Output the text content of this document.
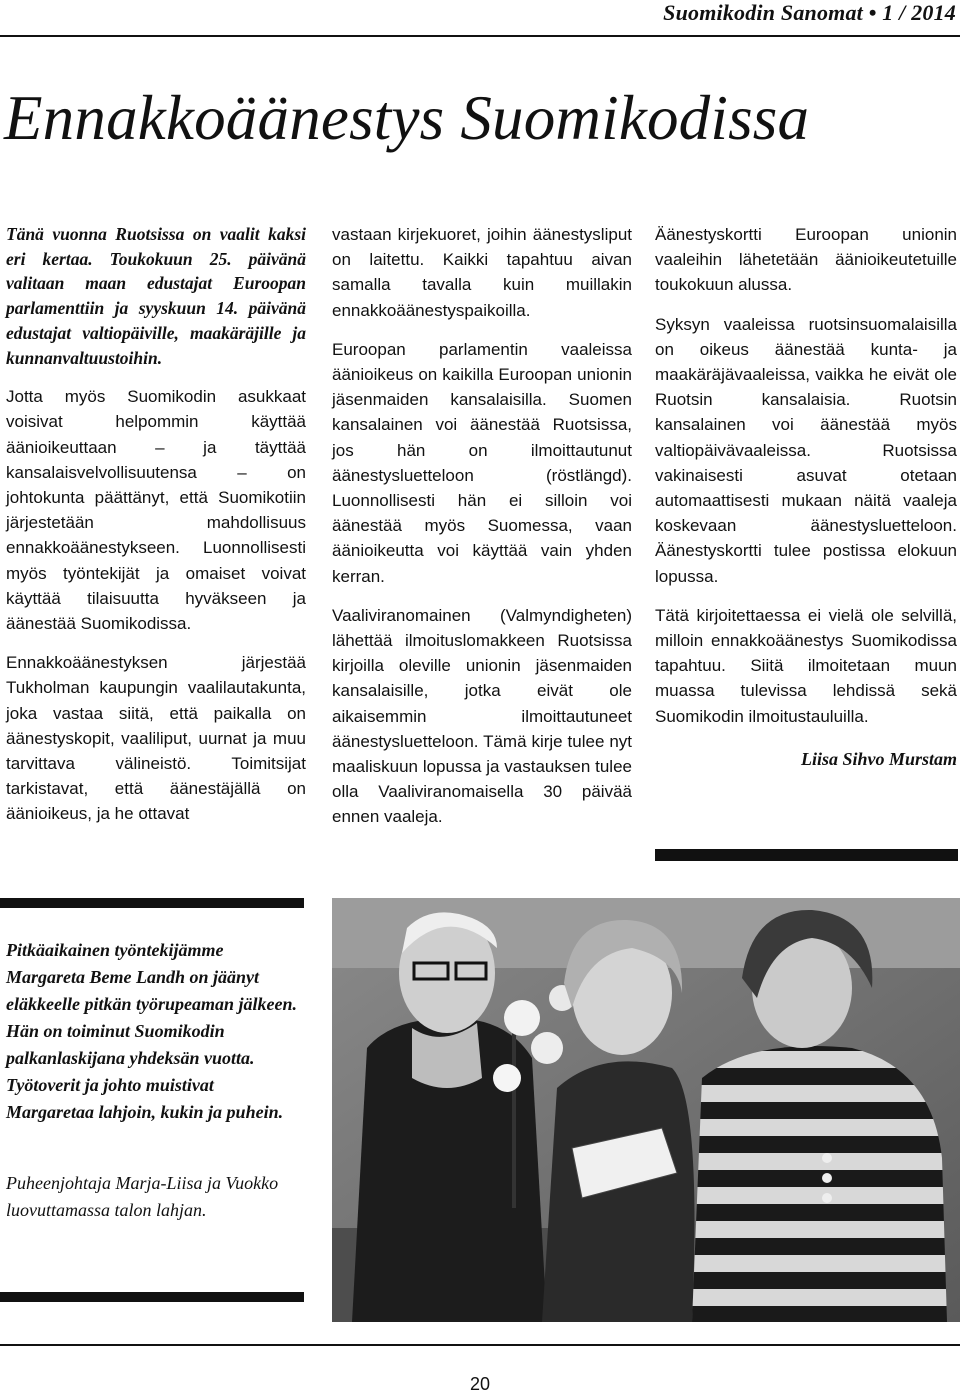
Suomikodin Sanomat • 1 / 2014
Ennakkoäänestys Suomikodissa

Tänä vuonna Ruotsissa on vaalit kaksi eri kertaa. Toukokuun 25. päivänä valitaan maan edustajat Euroopan parlamenttiin ja syyskuun 14. päivänä edustajat valtiopäiville, maakäräjille ja kunnanvaltuustoihin.

Jotta myös Suomikodin asukkaat voisivat helpommin käyttää äänioikeuttaan – ja täyttää kansalaisvelvollisuutensa – on johtokunta päättänyt, että Suomikotiin järjestetään mahdollisuus ennakkoäänestykseen. Luonnollisesti myös työntekijät ja omaiset voivat käyttää tilaisuutta hyväkseen ja äänestää Suomikodissa.

Ennakkoäänestyksen järjestää Tukholman kaupungin vaalilautakunta, joka vastaa siitä, että paikalla on äänestyskopit, vaaliliput, uurnat ja muu tarvittava välineistö. Toimitsijat tarkistavat, että äänestäjällä on äänioikeus, ja he ottavat

vastaan kirjekuoret, joihin äänestysliput on laitettu. Kaikki tapahtuu aivan samalla tavalla kuin muillakin ennakkoäänestyspaikoilla.

Euroopan parlamentin vaaleissa äänioikeus on kaikilla Euroopan unionin jäsenmaiden kansalaisilla. Suomen kansalainen voi äänestää Ruotsissa, jos hän on ilmoittautunut äänestysluetteloon (röstlängd). Luonnollisesti hän ei silloin voi äänestää myös Suomessa, vaan äänioikeutta voi käyttää vain yhden kerran.

Vaaliviranomainen (Valmyndigheten) lähettää ilmoituslomakkeen Ruotsissa kirjoilla oleville unionin jäsenmaiden kansalaisille, jotka eivät ole aikaisemmin ilmoittautuneet äänestysluetteloon. Tämä kirje tulee nyt maaliskuun lopussa ja vastauksen tulee olla Vaaliviranomaisella 30 päivää ennen vaaleja.

Äänestyskortti Euroopan unionin vaaleihin lähetetään äänioikeutetuille toukokuun alussa.

Syksyn vaaleissa ruotsinsuomalaisilla on oikeus äänestää kunta- ja maakäräjävaaleissa, vaikka he eivät ole Ruotsin kansalaisia. Ruotsin kansalainen voi äänestää myös valtiopäivävaaleissa. Ruotsissa vakinaisesti asuvat otetaan automaattisesti mukaan näitä vaaleja koskevaan äänestysluetteloon. Äänestyskortti tulee postissa elokuun lopussa.

Tätä kirjoitettaessa ei vielä ole selvillä, milloin ennakkoäänestys Suomikodissa tapahtuu. Siitä ilmoitetaan muun muassa tulevissa lehdissä sekä Suomikodin ilmoitustauluilla.

Liisa Sihvo Murstam

Pitkäaikainen työntekijämme Margareta Beme Landh on jäänyt eläkkeelle pitkän työrupeaman jälkeen. Hän on toiminut Suomikodin palkanlaskijana yhdeksän vuotta. Työtoverit ja johto muistivat Margaretaa lahjoin, kukin ja puhein.
Puheenjohtaja Marja-Liisa ja Vuokko luovuttamassa talon lahjan.
20
